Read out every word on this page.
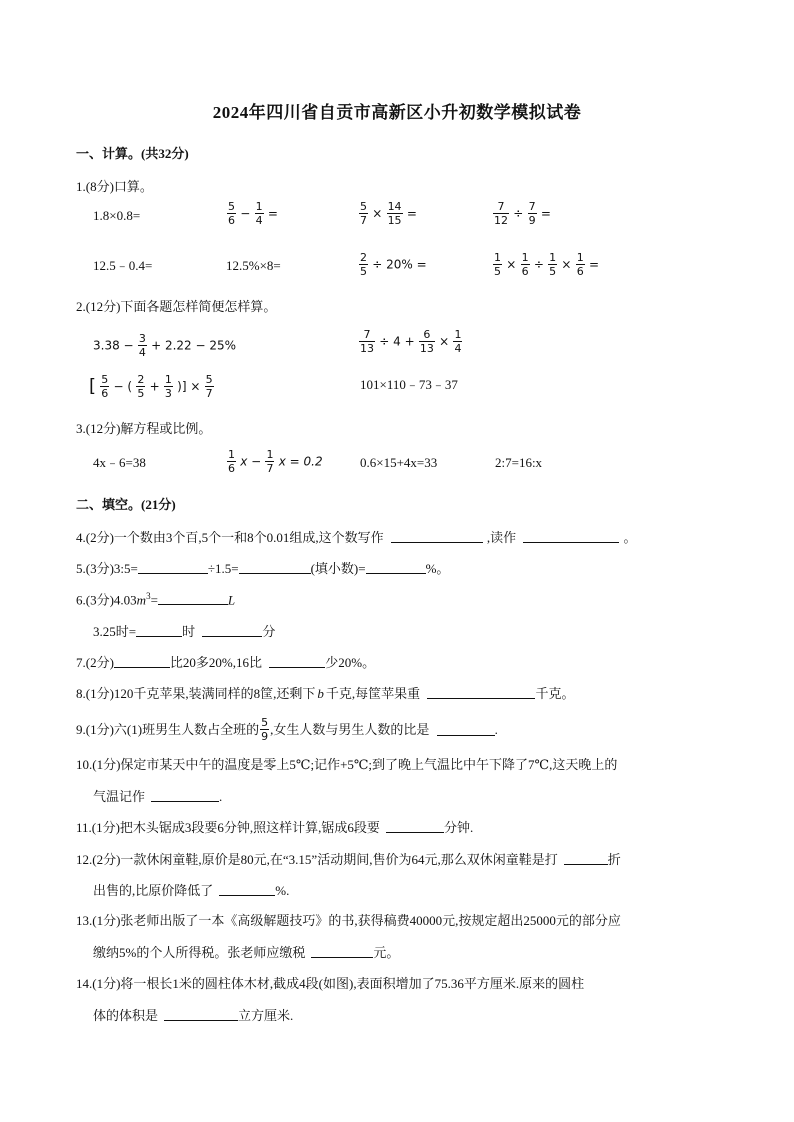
2024年四川省自贡市高新区小升初数学模拟试卷
一、计算。(共32分)
1.(8分)口算。
1.8×0.8=	$\frac{5}{6} - \frac{1}{4}$ =	$\frac{5}{7} \times \frac{14}{15}$ =	$\frac{7}{12} \div \frac{7}{9}$ =
12.5﹣0.4=	12.5%×8=	$\frac{2}{5} \div 20\%$ =	$\frac{1}{5} \times \frac{1}{6} \div \frac{1}{5} \times \frac{1}{6}$ =
2.(12分)下面各题怎样简便怎样算。
$3.38 - \frac{3}{4} + 2.22 - 25\%$	$\frac{7}{13} \div 4 + \frac{6}{13} \times \frac{1}{4}$
[ $\frac{5}{6}$ − ( $\frac{2}{5} + \frac{1}{3}$ )] × $\frac{5}{7}$	101×110﹣73﹣37
3.(12分)解方程或比例。
4x﹣6=38	$\frac{1}{6}$ $x - \frac{1}{7}$ x = 0.2	0.6×15+4x=33	2:7=16:x
二、填空。(21分)
4.(2分)一个数由3个百,5个一和8个0.01组成,这个数写作	,读作	。
5.(3分)3:5=	÷1.5=	(填小数)=	%。
6.(3分)$4.03m^3=$	L
3.25时=	时	分
7.(2分)	比20多20%,16比	少20%。
8.(1分)120千克苹果,装满同样的8筐,还剩下 b 千克,每筐苹果重	千克。
9.(1分)六(1)班男生人数占全班的 $\frac{5}{9}$ ,女生人数与男生人数的比是	.
10.(1分)保定市某天中午的温度是零上5℃;记作+5℃;到了晚上气温比中午下降了7℃,这天晚上的
气温记作	.
11.(1分)把木头锯成3段要6分钟,照这样计算,锯成6段要	分钟.
12.(2分)一款休闲童鞋,原价是80元,在“3.15”活动期间,售价为64元,那么双休闲童鞋是打	折
出售的,比原价降低了	%.
13.(1分)张老师出版了一本《高级解题技巧》的书,获得稿费40000元,按规定超出25000元的部分应
缴纳5%的个人所得税。张老师应缴税	元。
14.(1分)将一根长1米的圆柱体木材,截成4段(如图),表面积增加了75.36平方厘米.原来的圆柱
体的体积是	立方厘米.
